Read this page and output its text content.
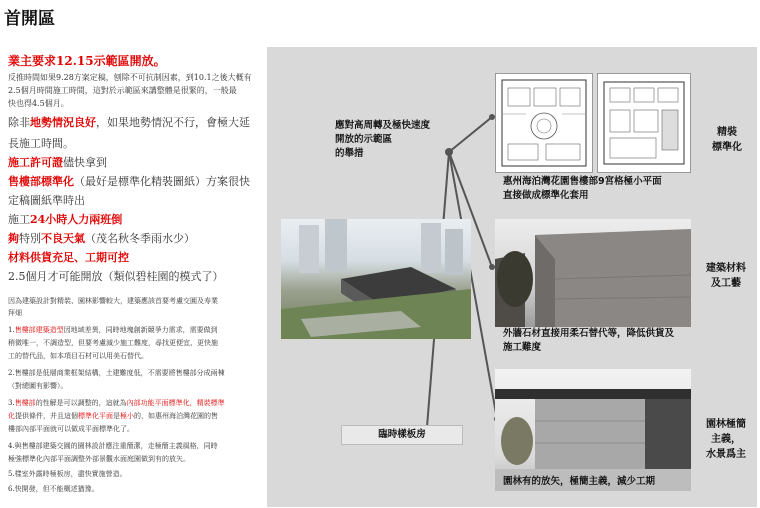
首開區
業主要求12.15示範區開放。
反推時間如果9.28方案定稿，刨除不可抗制因素，到10.1之後大概有
2.5個月時間施工時間，這對於示範區來講整體是很緊的，一般最
快也得4.5個月。
除非地勢情況良好，如果地勢情況不行，會極大延
長施工時間。
施工許可證儘快拿到
售樓部標準化（最好是標準化精裝圖紙）方案很快
定稿圖紙準時出
施工24小時人力兩班倒
夠特別不良天氣（茂名秋冬季雨水少）
材料供貨充足、工期可控
2.5個月才可能開放（類似碧桂園的模式了）
因為建築設計對精裝、園林影響較大，建築應該首要考慮交圓及寿業
拜畑
1.售樓部建築造型因地域差異，同時地塊創新競爭力需求，需要做到
稍微唯一，不調造型，但要考慮減少施工難度，尋找更便宜、更快施
工的替代品，如本項目石材可以用美石替代。
2.售樓部是低層商業框架結構，土建難度低，不需要將售樓部分成兩棟
（對總圖有影響）。
3.售樓部的性解是可以調整的，這就為內部功能平面標準化，精裝標準
化提供條件，并且這個標準化平面是極小的，如惠州海泊灣花園的售
樓部內部平面就可以做成平面標準化了。
4.與售樓部建築交圓的園林設計應注重簡潔，走極簡主義風格，同時
極強標準化內部平面調整外部景觀水面庭園做到有的放矢。
5.樣室外露時極板房，盡快實施營造。
6.快開發，但不能概述猶豫。
應對高周轉及極快速度
開放的示範區
的舉措
惠州海泊灣花園售樓部9宮格極小平面
直接做成標準化套用
精裝
標準化
外牆石材直接用柔石替代等，降低供貨及
施工難度
建築材料
及工藝
園林有的放矢，極簡主義，減少工期
園林極簡
主義，
水景爲主
臨時樣板房
